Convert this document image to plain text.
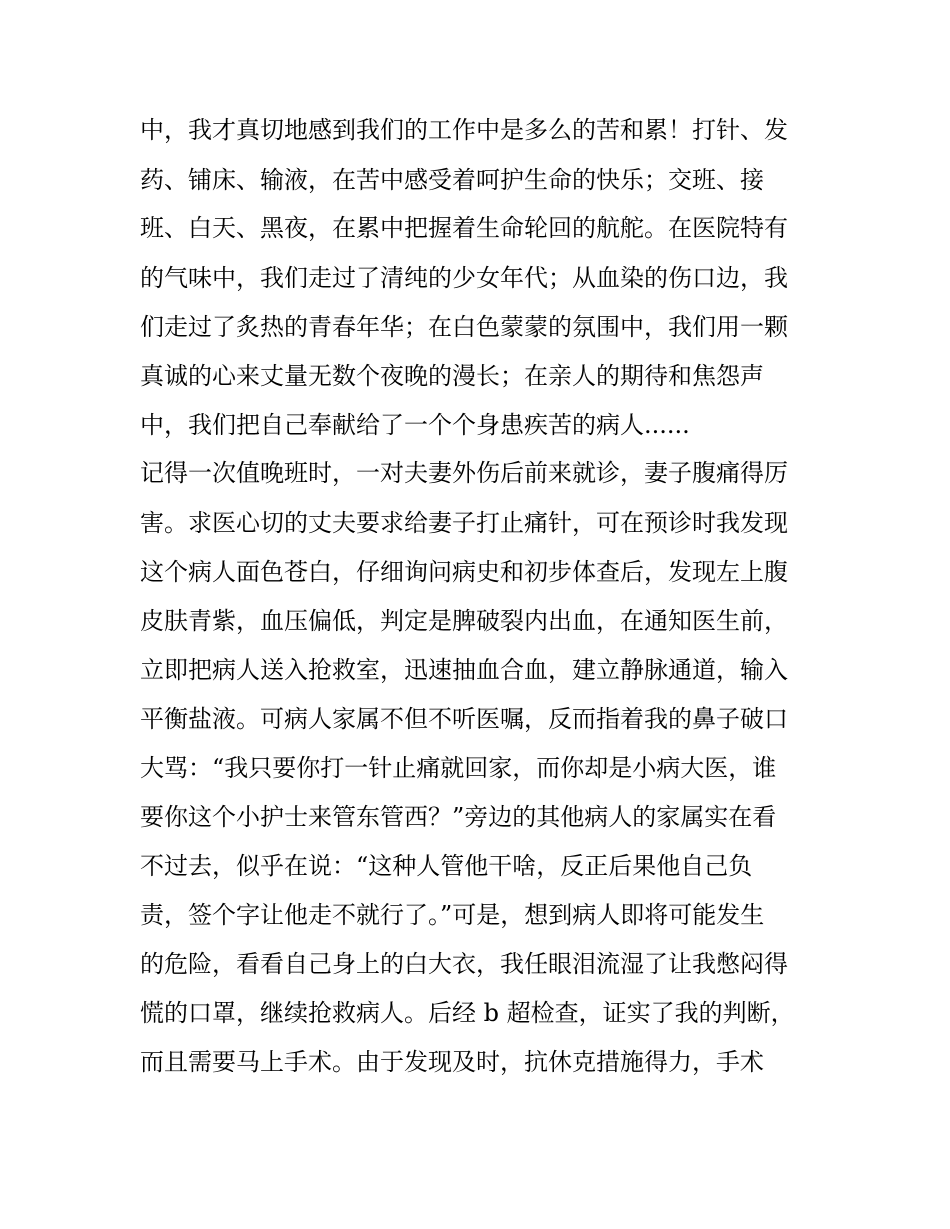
中，我才真切地感到我们的工作中是多么的苦和累！打针、发

药、铺床、输液，在苦中感受着呵护生命的快乐；交班、接

班、白天、黑夜，在累中把握着生命轮回的航舵。在医院特有

的气味中，我们走过了清纯的少女年代；从血染的伤口边，我

们走过了炙热的青春年华；在白色蒙蒙的氛围中，我们用一颗

真诚的心来丈量无数个夜晚的漫长；在亲人的期待和焦怨声

中，我们把自己奉献给了一个个身患疾苦的病人......

记得一次值晚班时，一对夫妻外伤后前来就诊，妻子腹痛得厉

害。求医心切的丈夫要求给妻子打止痛针，可在预诊时我发现

这个病人面色苍白，仔细询问病史和初步体查后，发现左上腹

皮肤青紫，血压偏低，判定是脾破裂内出血，在通知医生前，

立即把病人送入抢救室，迅速抽血合血，建立静脉通道，输入

平衡盐液。可病人家属不但不听医嘱，反而指着我的鼻子破口

大骂：“我只要你打一针止痛就回家，而你却是小病大医，谁

要你这个小护士来管东管西？”旁边的其他病人的家属实在看

不过去，似乎在说：“这种人管他干啥，反正后果他自己负

责，签个字让他走不就行了。”可是，想到病人即将可能发生

的危险，看看自己身上的白大衣，我任眼泪流湿了让我憋闷得

慌的口罩，继续抢救病人。后经 b 超检查，证实了我的判断，

而且需要马上手术。由于发现及时，抗休克措施得力，手术
